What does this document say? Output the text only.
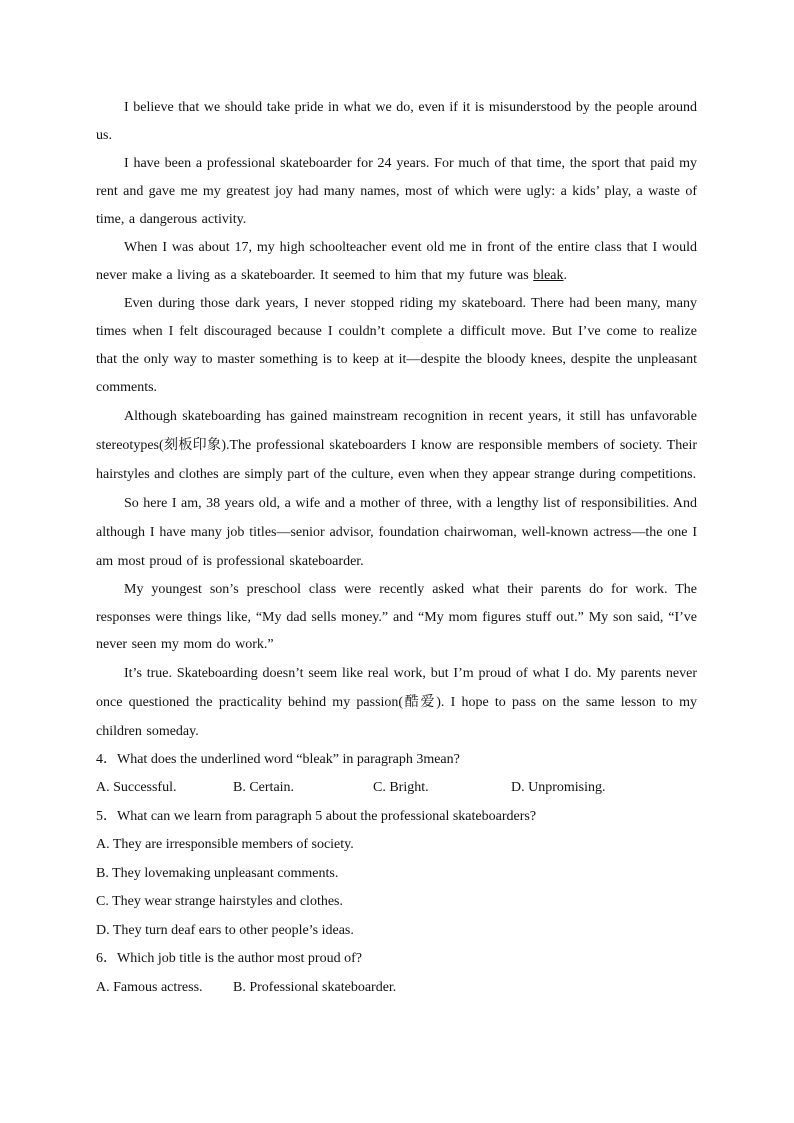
I believe that we should take pride in what we do, even if it is misunderstood by the people around us.

I have been a professional skateboarder for 24 years. For much of that time, the sport that paid my rent and gave me my greatest joy had many names, most of which were ugly: a kids’ play, a waste of time, a dangerous activity.

When I was about 17, my high schoolteacher event old me in front of the entire class that I would never make a living as a skateboarder. It seemed to him that my future was bleak.

Even during those dark years, I never stopped riding my skateboard. There had been many, many times when I felt discouraged because I couldn’t complete a difficult move. But I’ve come to realize that the only way to master something is to keep at it—despite the bloody knees, despite the unpleasant comments.

Although skateboarding has gained mainstream recognition in recent years, it still has unfavorable stereotypes(刻板印象).The professional skateboarders I know are responsible members of society. Their hairstyles and clothes are simply part of the culture, even when they appear strange during competitions.

So here I am, 38 years old, a wife and a mother of three, with a lengthy list of responsibilities. And although I have many job titles—senior advisor, foundation chairwoman, well-known actress—the one I am most proud of is professional skateboarder.

My youngest son’s preschool class were recently asked what their parents do for work. The responses were things like, “My dad sells money.” and “My mom figures stuff out.” My son said, “I’ve never seen my mom do work.”

It’s true. Skateboarding doesn’t seem like real work, but I’m proud of what I do. My parents never once questioned the practicality behind my passion(酷爱). I hope to pass on the same lesson to my children someday.

4．What does the underlined word “bleak” in paragraph 3mean?

A. Successful.	B. Certain.	C. Bright.	D. Unpromising.

5．What can we learn from paragraph 5 about the professional skateboarders?

A. They are irresponsible members of society.

B. They lovemaking unpleasant comments.

C. They wear strange hairstyles and clothes.

D. They turn deaf ears to other people’s ideas.

6．Which job title is the author most proud of?

A. Famous actress.	B. Professional skateboarder.
